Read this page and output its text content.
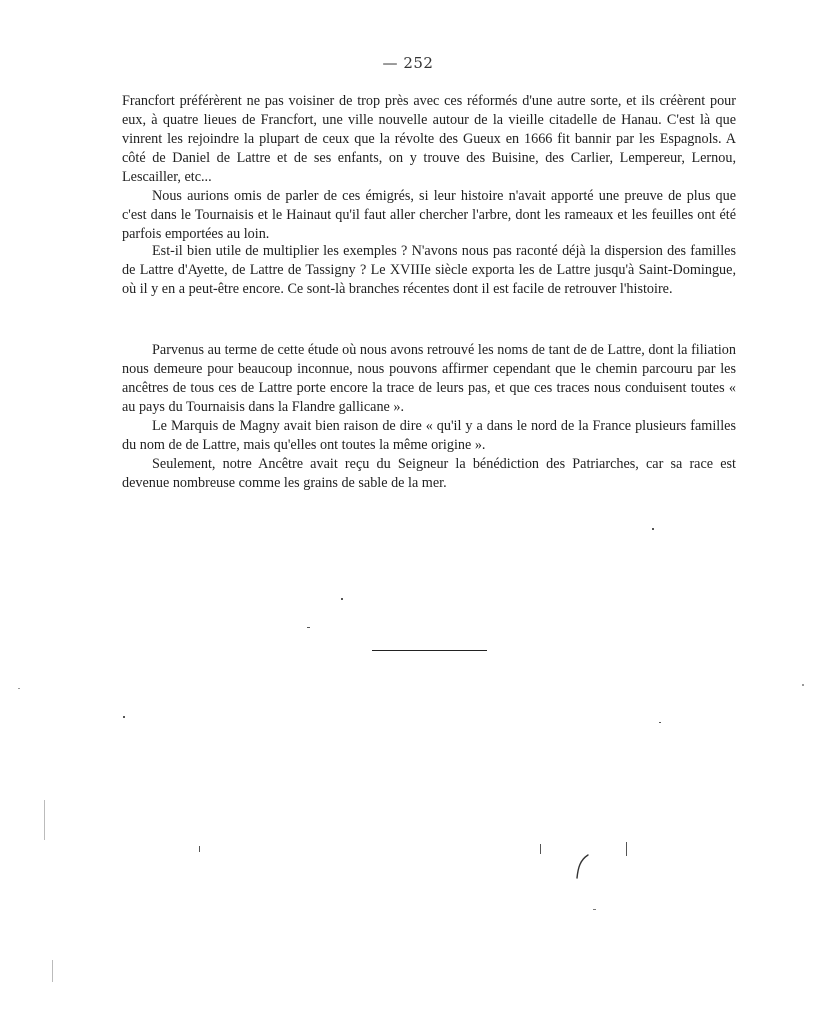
— 252

Francfort préférèrent ne pas voisiner de trop près avec ces réformés d'une autre sorte, et ils créèrent pour eux, à quatre lieues de Francfort, une ville nouvelle autour de la vieille citadelle de Hanau. C'est là que vinrent les rejoindre la plupart de ceux que la révolte des Gueux en 1666 fit bannir par les Espagnols. A côté de Daniel de Lattre et de ses enfants, on y trouve des Buisine, des Carlier, Lempereur, Lernou, Lescailler, etc...

Nous aurions omis de parler de ces émigrés, si leur histoire n'avait apporté une preuve de plus que c'est dans le Tournaisis et le Hainaut qu'il faut aller chercher l'arbre, dont les rameaux et les feuilles ont été parfois emportées au loin.

Est-il bien utile de multiplier les exemples ? N'avons nous pas raconté déjà la dispersion des familles de Lattre d'Ayette, de Lattre de Tassigny ? Le XVIIIe siècle exporta les de Lattre jusqu'à Saint-Domingue, où il y en a peut-être encore. Ce sont-là branches récentes dont il est facile de retrouver l'histoire.

Parvenus au terme de cette étude où nous avons retrouvé les noms de tant de de Lattre, dont la filiation nous demeure pour beaucoup inconnue, nous pouvons affirmer cependant que le chemin parcouru par les ancêtres de tous ces de Lattre porte encore la trace de leurs pas, et que ces traces nous conduisent toutes « au pays du Tournaisis dans la Flandre gallicane ».

Le Marquis de Magny avait bien raison de dire « qu'il y a dans le nord de la France plusieurs familles du nom de de Lattre, mais qu'elles ont toutes la même origine ».

Seulement, notre Ancêtre avait reçu du Seigneur la bénédiction des Patriarches, car sa race est devenue nombreuse comme les grains de sable de la mer.
